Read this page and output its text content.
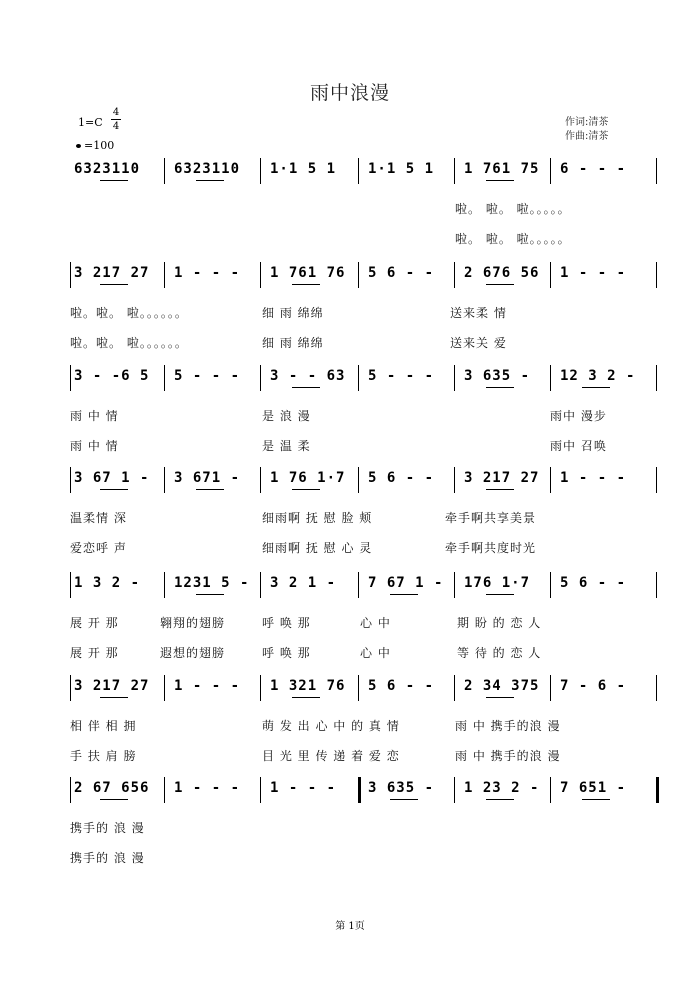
雨中浪漫
1=C
4
4
=100
作词:清茶
作曲:清茶
6323110	6323110	1·1 5 1	1·1 5 1	1 761 75	6 - - -
啦。 啦。 啦。。。。。
啦。 啦。 啦。。。。。
3 217 27	1 - - -	1 761 76	5 6 - -	2 676 56	1 - - -
啦。啦。 啦。。。。。。	细 雨 绵绵	送来柔 情
啦。啦。 啦。。。。。。	细 雨 绵绵	送来关 爱
3 - -6 5	5 - - -	3 - - 63	5 - - -	3 635 -	12 3 2 -
雨 中 情	是 浪 漫	雨中 漫步
雨 中 情	是 温 柔	雨中 召唤
3 67 1 -	3 671 -	1 76 1·7	5 6 - -	3 217 27	1 - - -
温柔情 深	细雨啊 抚 慰 脸 颊	牵手啊共享美景
爱恋呼 声	细雨啊 抚 慰 心 灵	牵手啊共度时光
1 3 2 -	1231 5 -	3 2 1 -	7 67 1 -	176 1·7	5 6 - -
展 开 那	翱翔的翅膀	呼 唤 那	心 中	期 盼 的 恋 人
展 开 那	遐想的翅膀	呼 唤 那	心 中	等 待 的 恋 人
3 217 27	1 - - -	1 321 76	5 6 - -	2 34 375	7 - 6 -
相 伴 相 拥	萌 发 出 心 中 的 真 情	雨 中 携手的浪 漫
手 扶 肩 膀	目 光 里 传 递 着 爱 恋	雨 中 携手的浪 漫
2 67 656	1 - - -	1 - - -	3 635 -	1 23 2 -	7 651 -
携手的 浪 漫
携手的 浪 漫
第 1页
